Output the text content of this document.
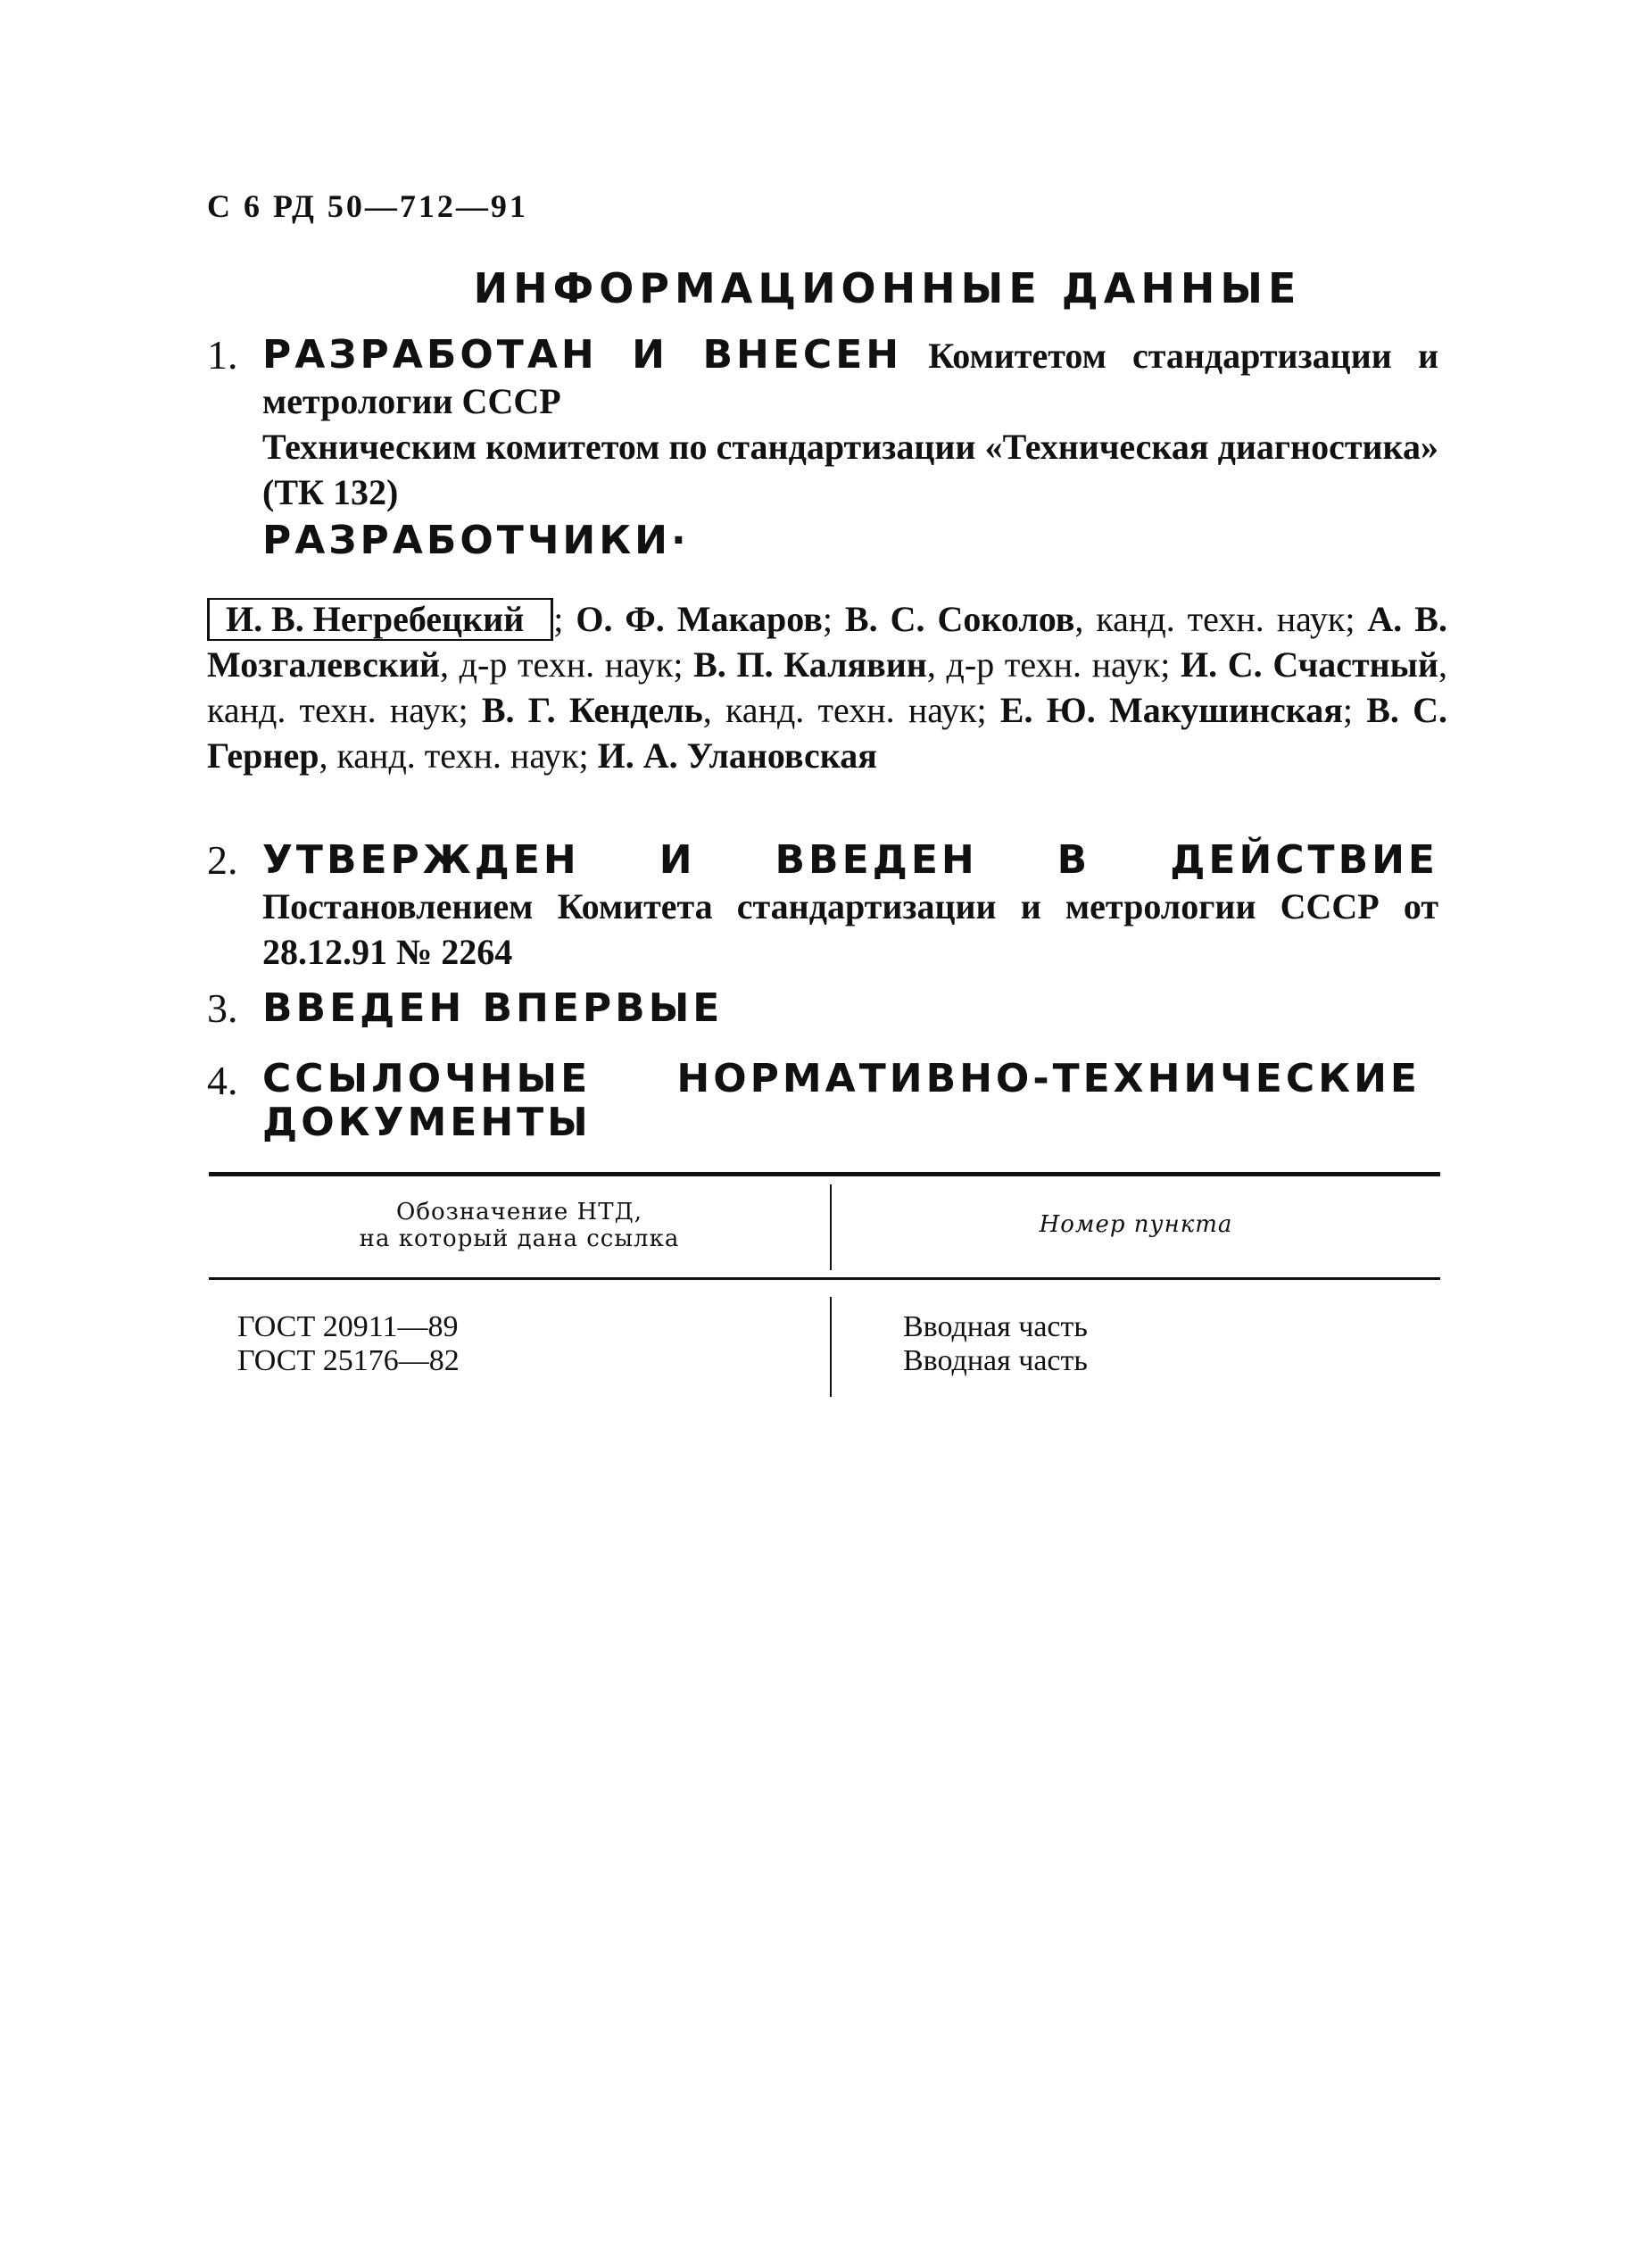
С 6 РД 50—712—91
ИНФОРМАЦИОННЫЕ ДАННЫЕ
1. РАЗРАБОТАН И ВНЕСЕН Комитетом стандартизации и метрологии СССР
Техническим комитетом по стандартизации «Техническая диагностика» (ТК 132)
РАЗРАБОТЧИКИ·
И. В. Негребецкий ; О. Ф. Макаров; В. С. Соколов, канд. техн. наук; А. В. Мозгалевский, д-р техн. наук; В. П. Калявин, д-р техн. наук; И. С. Счастный, канд. техн. наук; В. Г. Кендель, канд. техн. наук; Е. Ю. Макушинская; В. С. Гернер, канд. техн. наук; И. А. Улановская
2. УТВЕРЖДЕН И ВВЕДЕН В ДЕЙСТВИЕ Постановлением Комитета стандартизации и метрологии СССР от 28.12.91 № 2264
3. ВВЕДЕН ВПЕРВЫЕ
4. ССЫЛОЧНЫЕ НОРМАТИВНО-ТЕХНИЧЕСКИЕ ДОКУМЕНТЫ
Обозначение НТД,
на который дана ссылка
Номер пункта
ГОСТ 20911—89
ГОСТ 25176—82
Вводная часть
Вводная часть
